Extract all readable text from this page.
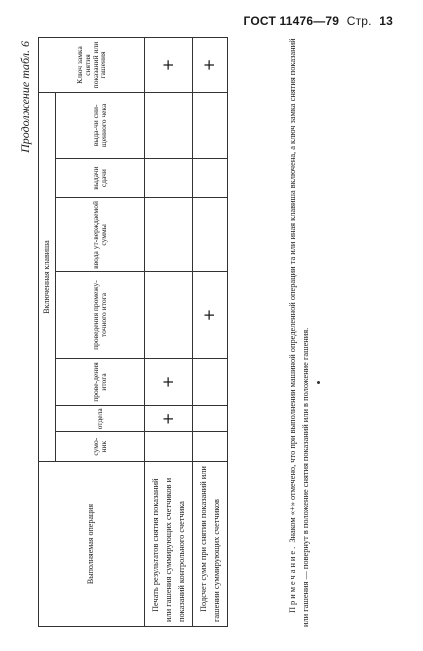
ГОСТ 11476—79 Стр. 13
Продолжение табл. 6
Выполняемая операция	Включенная клавиша							Ключ замка снятия показаний или гашения
	сумо-ник	отдела	прове-дения итога	проведения промежу-точного итога	ввода ут-верждаемой суммы	выдачи сдачи	выда-чи сни-щенного чека	

Печать результатов снятия показаний или гашения суммирующих счетчиков и показаний контрольного счетчика		+	+					+

Подсчет сумм при снятии показаний или гашении суммирующих счетчиков				+				+
Примечание. Знаком «+» отмечено, что при выполнении машиной определенной операции та или иная клавиша включена, а ключ замка снятия показаний или гашения — повернут в положение снятия показаний или в положение гашения.
